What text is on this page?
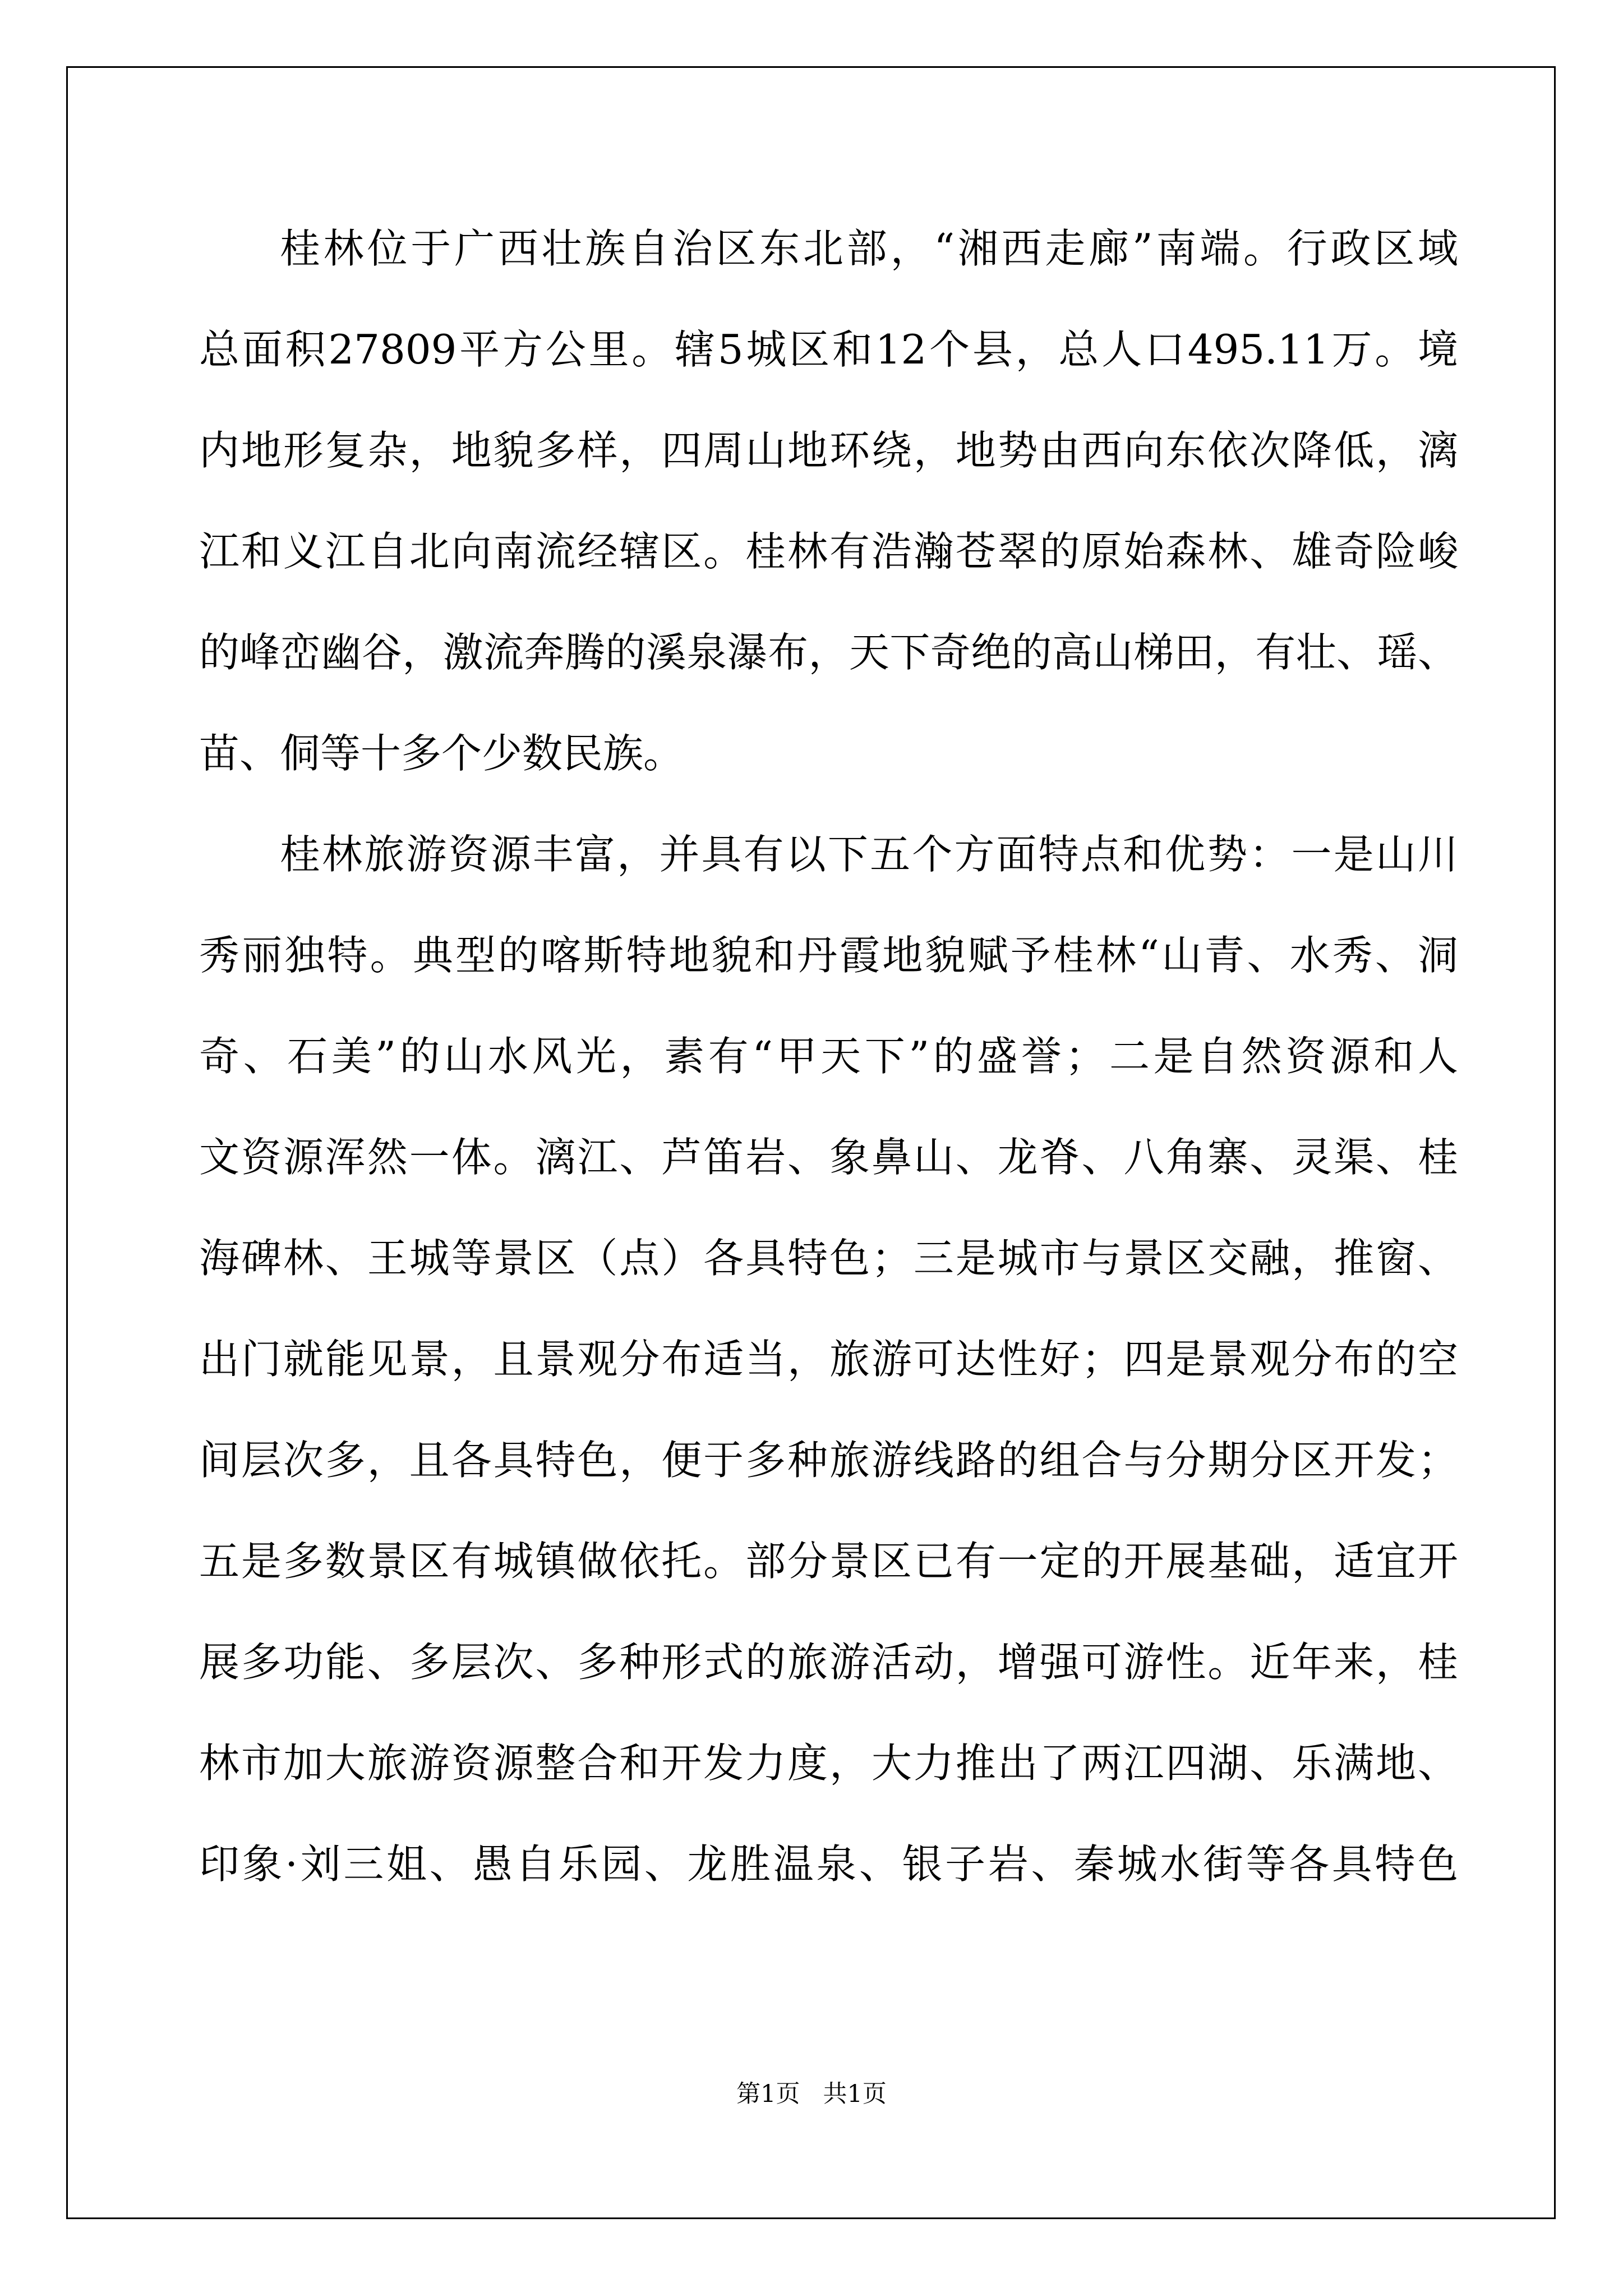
桂林位于广西壮族自治区东北部，“湘西走廊”南端。行政区域
总面积27809平方公里。辖5城区和12个县，总人口495.11万。境
内地形复杂，地貌多样，四周山地环绕，地势由西向东依次降低，漓
江和义江自北向南流经辖区。桂林有浩瀚苍翠的原始森林、雄奇险峻
的峰峦幽谷，激流奔腾的溪泉瀑布，天下奇绝的高山梯田，有壮、瑶、
苗、侗等十多个少数民族。
桂林旅游资源丰富，并具有以下五个方面特点和优势：一是山川
秀丽独特。典型的喀斯特地貌和丹霞地貌赋予桂林“山青、水秀、洞
奇、石美”的山水风光，素有“甲天下”的盛誉；二是自然资源和人
文资源浑然一体。漓江、芦笛岩、象鼻山、龙脊、八角寨、灵渠、桂
海碑林、王城等景区（点）各具特色；三是城市与景区交融，推窗、
出门就能见景，且景观分布适当，旅游可达性好；四是景观分布的空
间层次多，且各具特色，便于多种旅游线路的组合与分期分区开发；
五是多数景区有城镇做依托。部分景区已有一定的开展基础，适宜开
展多功能、多层次、多种形式的旅游活动，增强可游性。近年来，桂
林市加大旅游资源整合和开发力度，大力推出了两江四湖、乐满地、
印象·刘三姐、愚自乐园、龙胜温泉、银子岩、秦城水街等各具特色
第1页   共1页
